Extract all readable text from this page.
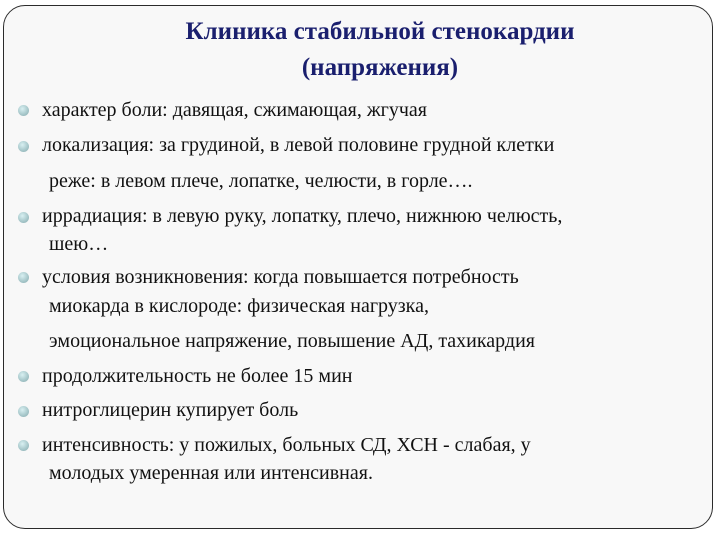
Клиника стабильной стенокардии
(напряжения)
характер боли: давящая, сжимающая, жгучая
локализация: за грудиной, в левой половине грудной клетки
реже: в левом плече, лопатке, челюсти, в горле….
иррадиация: в левую руку, лопатку, плечо, нижнюю челюсть,
шею…
условия возникновения: когда повышается потребность
миокарда в кислороде: физическая нагрузка,
эмоциональное напряжение, повышение АД, тахикардия
продолжительность не более 15 мин
нитроглицерин купирует боль
интенсивность: у пожилых, больных СД, ХСН - слабая, у
молодых умеренная или интенсивная.
